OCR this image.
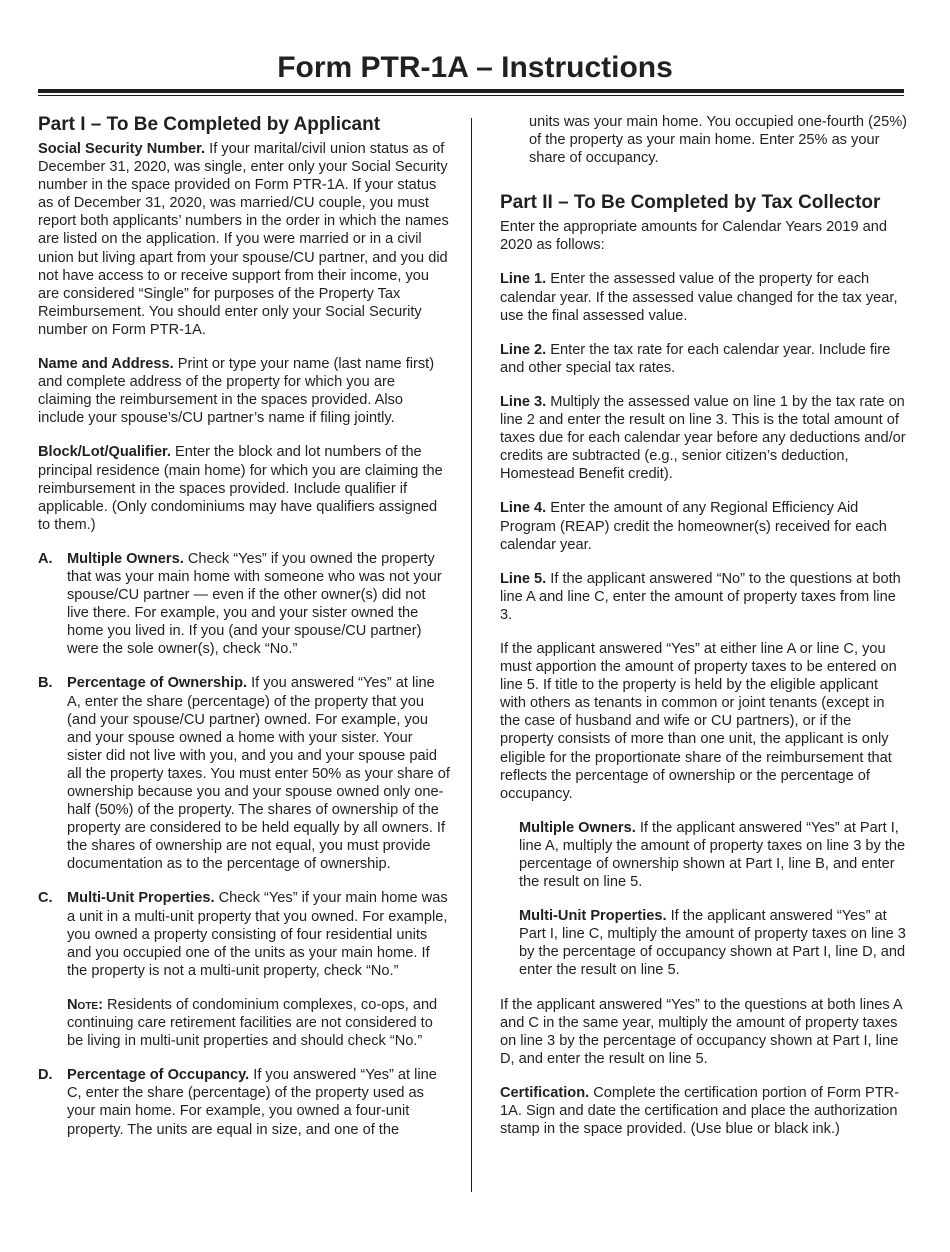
Form PTR-1A – Instructions
Part I – To Be Completed by Applicant

Social Security Number. If your marital/civil union status as of December 31, 2020, was single, enter only your Social Security number in the space provided on Form PTR-1A. If your status as of December 31, 2020, was married/CU couple, you must report both applicants’ numbers in the order in which the names are listed on the application. If you were married or in a civil union but living apart from your spouse/CU partner, and you did not have access to or receive support from their income, you are considered “Single” for purposes of the Property Tax Reimbursement. You should enter only your Social Security number on Form PTR-1A.

Name and Address. Print or type your name (last name first) and complete address of the property for which you are claiming the reimbursement in the spaces provided. Also include your spouse’s/CU partner’s name if filing jointly.

Block/Lot/Qualifier. Enter the block and lot numbers of the principal residence (main home) for which you are claiming the reimbursement in the spaces provided. Include qualifier if applicable. (Only condominiums may have qualifiers assigned to them.)

A. Multiple Owners. Check “Yes” if you owned the property that was your main home with someone who was not your spouse/CU partner — even if the other owner(s) did not live there. For example, you and your sister owned the home you lived in. If you (and your spouse/CU partner) were the sole owner(s), check “No.”
B. Percentage of Ownership. If you answered “Yes” at line A, enter the share (percentage) of the property that you (and your spouse/CU partner) owned. For example, you and your spouse owned a home with your sister. Your sister did not live with you, and you and your spouse paid all the property taxes. You must enter 50% as your share of ownership because you and your spouse owned only one-half (50%) of the property. The shares of ownership of the property are considered to be held equally by all owners. If the shares of ownership are not equal, you must provide documentation as to the percentage of ownership.
C. Multi-Unit Properties. Check “Yes” if your main home was a unit in a multi-unit property that you owned. For example, you owned a property consisting of four residential units and you occupied one of the units as your main home. If the property is not a multi-unit property, check “No.”
Note: Residents of condominium complexes, co-ops, and continuing care retirement facilities are not considered to be living in multi-unit properties and should check “No.”
D. Percentage of Occupancy. If you answered “Yes” at line C, enter the share (percentage) of the property used as your main home. For example, you owned a four-unit property. The units are equal in size, and one of the

units was your main home. You occupied one-fourth (25%) of the property as your main home. Enter 25% as your share of occupancy.

Part II – To Be Completed by Tax Collector

Enter the appropriate amounts for Calendar Years 2019 and 2020 as follows:

Line 1. Enter the assessed value of the property for each calendar year. If the assessed value changed for the tax year, use the final assessed value.

Line 2. Enter the tax rate for each calendar year. Include fire and other special tax rates.

Line 3. Multiply the assessed value on line 1 by the tax rate on line 2 and enter the result on line 3. This is the total amount of taxes due for each calendar year before any deductions and/or credits are subtracted (e.g., senior citizen’s deduction, Homestead Benefit credit).

Line 4. Enter the amount of any Regional Efficiency Aid Program (REAP) credit the homeowner(s) received for each calendar year.

Line 5. If the applicant answered “No” to the questions at both line A and line C, enter the amount of property taxes from line 3.

If the applicant answered “Yes” at either line A or line C, you must apportion the amount of property taxes to be entered on line 5. If title to the property is held by the eligible applicant with others as tenants in common or joint tenants (except in the case of husband and wife or CU partners), or if the property consists of more than one unit, the applicant is only eligible for the proportionate share of the reimbursement that reflects the percentage of ownership or the percentage of occupancy.

Multiple Owners. If the applicant answered “Yes” at Part I, line A, multiply the amount of property taxes on line 3 by the percentage of ownership shown at Part I, line B, and enter the result on line 5.
Multi-Unit Properties. If the applicant answered “Yes” at Part I, line C, multiply the amount of property taxes on line 3 by the percentage of occupancy shown at Part I, line D, and enter the result on line 5.

If the applicant answered “Yes” to the questions at both lines A and C in the same year, multiply the amount of property taxes on line 3 by the percentage of occupancy shown at Part I, line D, and enter the result on line 5.

Certification. Complete the certification portion of Form PTR-1A. Sign and date the certification and place the authorization stamp in the space provided. (Use blue or black ink.)
